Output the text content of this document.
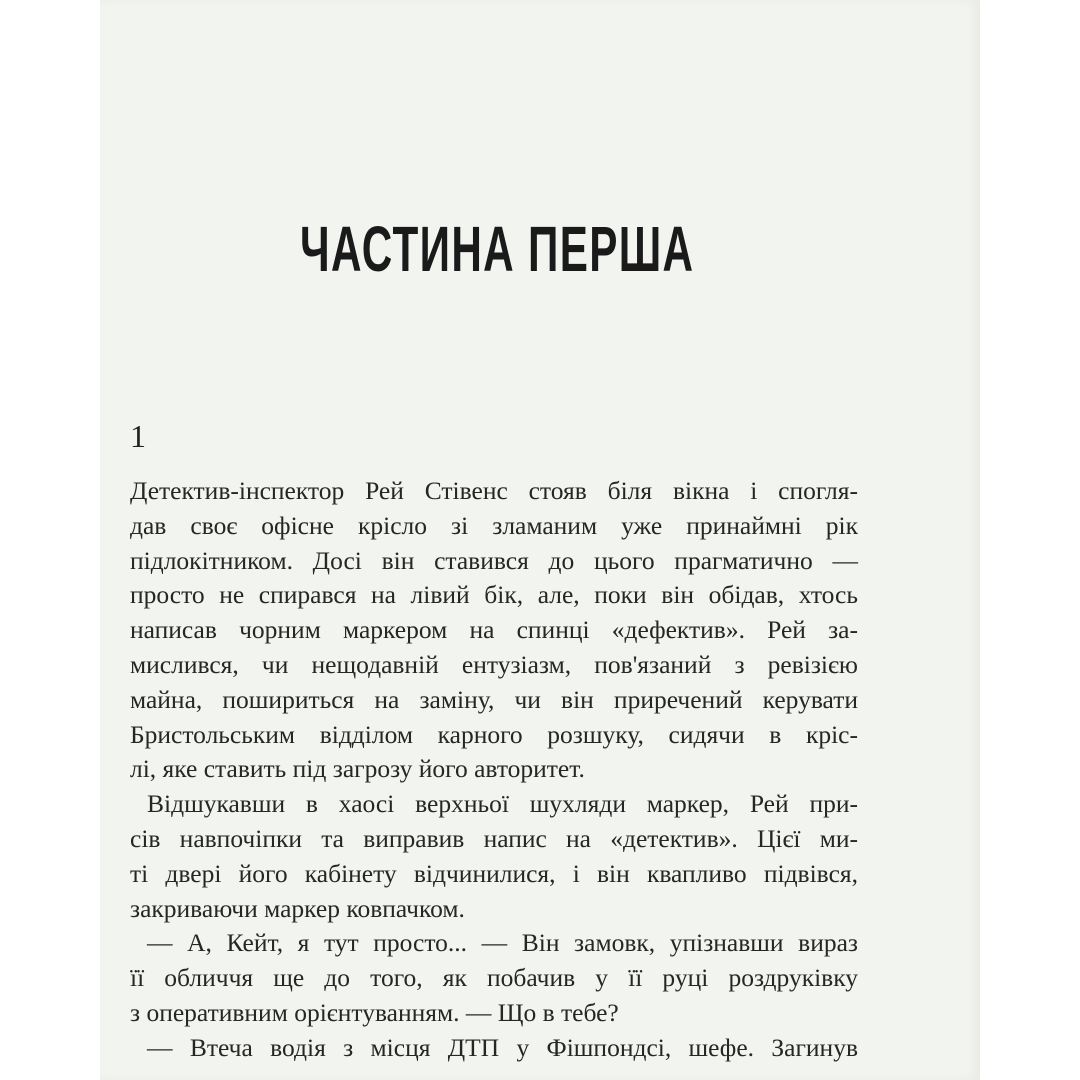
ЧАСТИНА ПЕРША
1
Детектив-інспектор Рей Стівенс стояв біля вікна і спогля-
дав своє офісне крісло зі зламаним уже принаймні рік
підлокітником. Досі він ставився до цього прагматично —
просто не спирався на лівий бік, але, поки він обідав, хтось
написав чорним маркером на спинці «дефектив». Рей за-
мислився, чи нещодавній ентузіазм, пов'язаний з ревізією
майна, пошириться на заміну, чи він приречений керувати
Бристольським відділом карного розшуку, сидячи в кріс-
лі, яке ставить під загрозу його авторитет.
Відшукавши в хаосі верхньої шухляди маркер, Рей при-
сів навпочіпки та виправив напис на «детектив». Цієї ми-
ті двері його кабінету відчинилися, і він квапливо підвівся,
закриваючи маркер ковпачком.
— А, Кейт, я тут просто... — Він замовк, упізнавши вираз
її обличчя ще до того, як побачив у її руці роздруківку
з оперативним орієнтуванням. — Що в тебе?
— Втеча водія з місця ДТП у Фішпондсі, шефе. Загинув
